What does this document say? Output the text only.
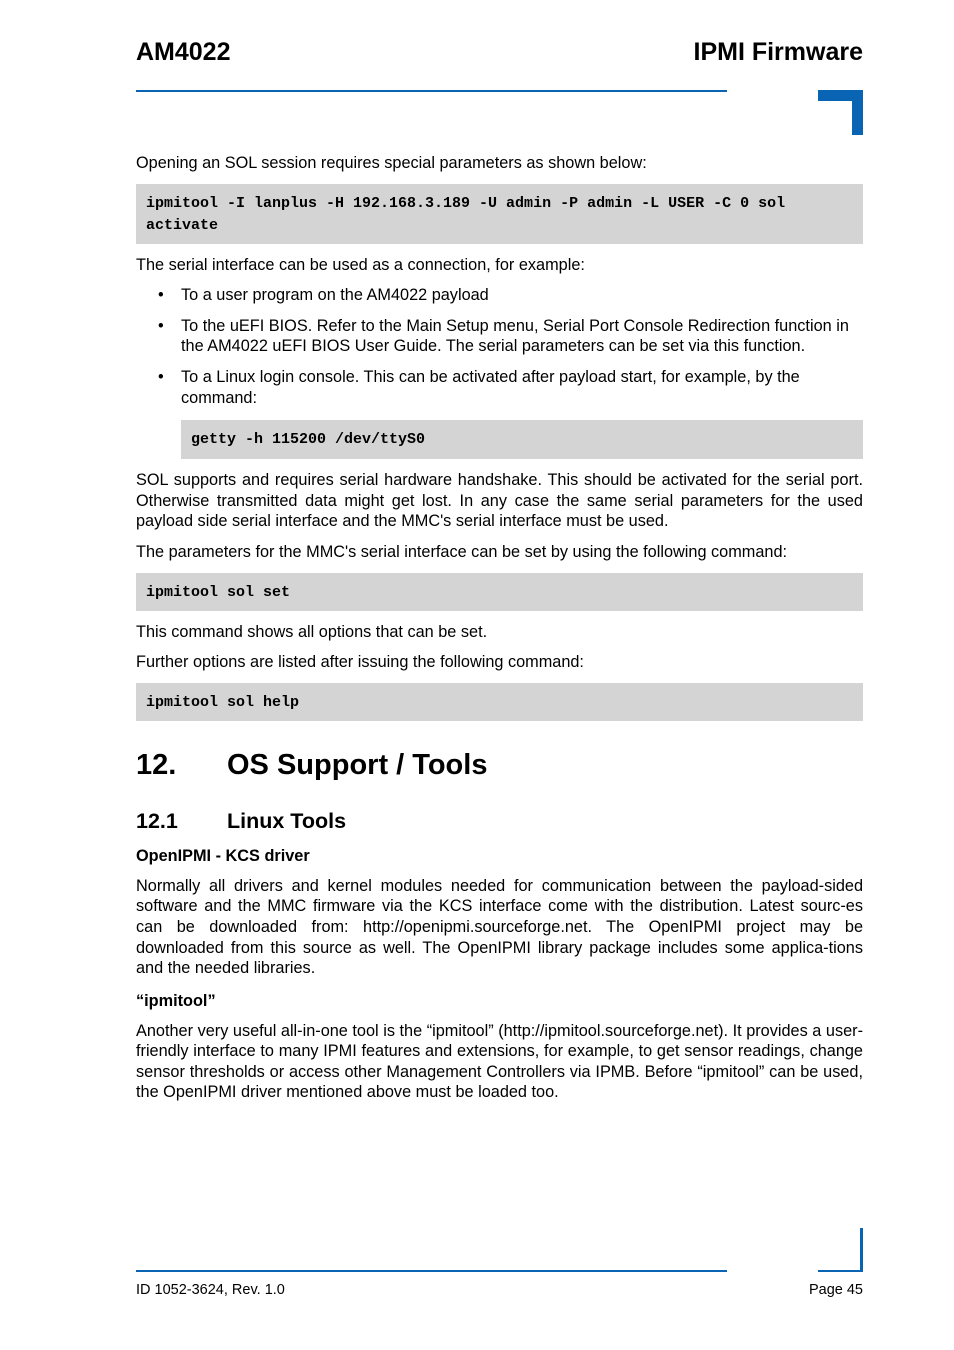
AM4022	IPMI Firmware

Opening an SOL session requires special parameters as shown below:

ipmitool -I lanplus -H 192.168.3.189 -U admin -P admin -L USER -C 0 sol activate

The serial interface can be used as a connection, for example:

• To a user program on the AM4022 payload
• To the uEFI BIOS. Refer to the Main Setup menu, Serial Port Console Redirection function in the AM4022 uEFI BIOS User Guide. The serial parameters can be set via this function.
• To a Linux login console. This can be activated after payload start, for example, by the command:
getty -h 115200 /dev/ttyS0

SOL supports and requires serial hardware handshake. This should be activated for the serial port. Otherwise transmitted data might get lost. In any case the same serial parameters for the used payload side serial interface and the MMC's serial interface must be used.

The parameters for the MMC's serial interface can be set by using the following command:

ipmitool sol set

This command shows all options that can be set.

Further options are listed after issuing the following command:

ipmitool sol help
12. OS Support / Tools
12.1 Linux Tools
OpenIPMI - KCS driver

Normally all drivers and kernel modules needed for communication between the payload-sided software and the MMC firmware via the KCS interface come with the distribution. Latest sourc-es can be downloaded from: http://openipmi.sourceforge.net. The OpenIPMI project may be downloaded from this source as well. The OpenIPMI library package includes some applica-tions and the needed libraries.

“ipmitool”

Another very useful all-in-one tool is the “ipmitool” (http://ipmitool.sourceforge.net). It provides a user-friendly interface to many IPMI features and extensions, for example, to get sensor readings, change sensor thresholds or access other Management Controllers via IPMB. Before “ipmitool” can be used, the OpenIPMI driver mentioned above must be loaded too.

ID 1052-3624, Rev. 1.0	Page 45
